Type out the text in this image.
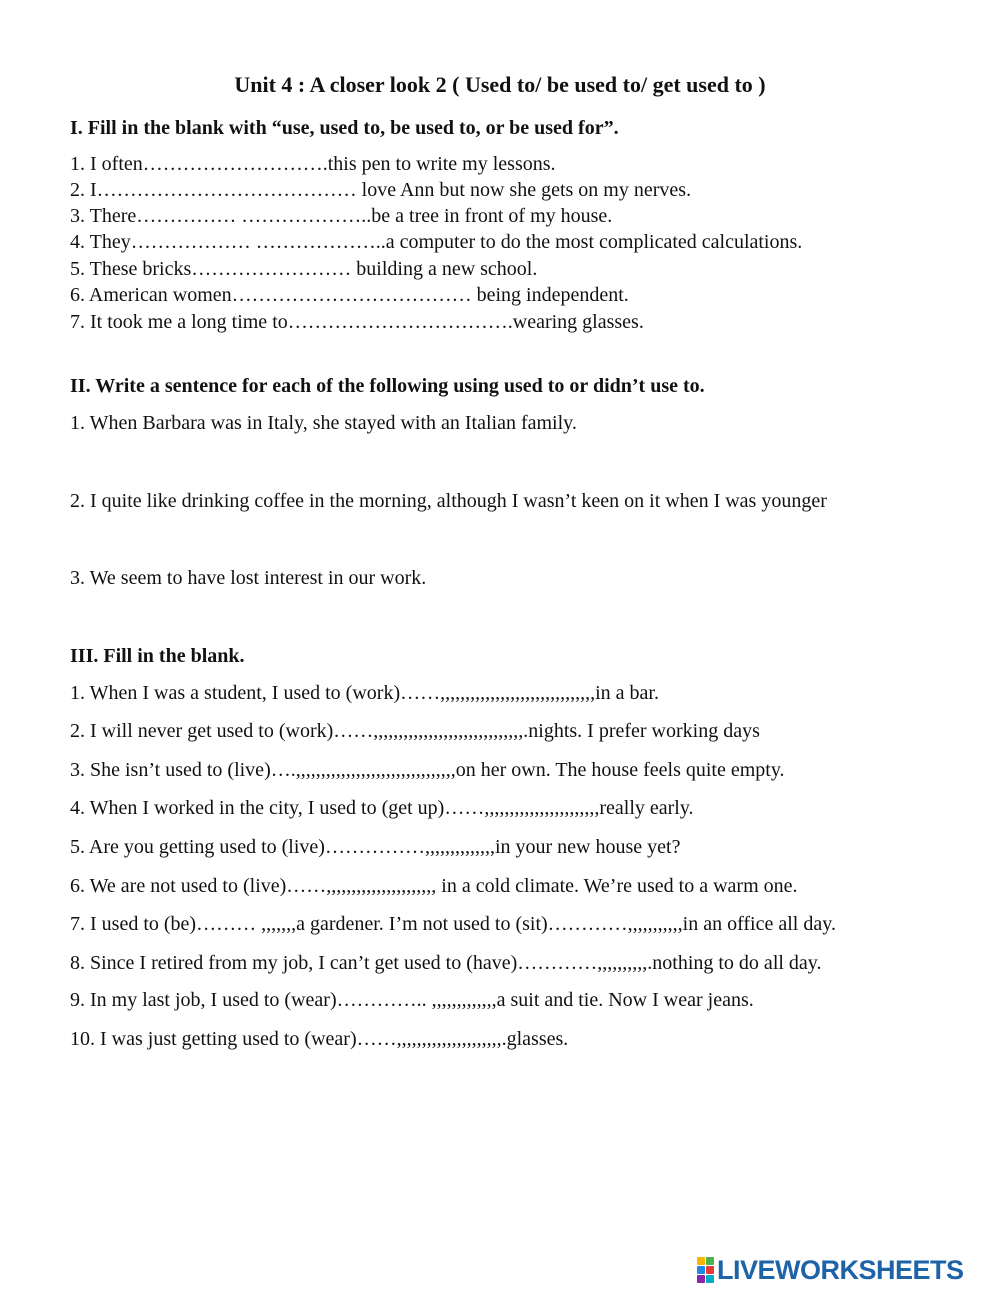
Unit 4 : A closer look 2 ( Used to/ be used to/ get used to )
I. Fill in the blank with “use, used to, be used to, or be used for”.
1. I often……………………….this pen to write my lessons.
2. I………………………………… love Ann but now she gets on my nerves.
3. There…………… ………………..be a tree in front of my house.
4. They……………… ………………..a computer to do the most complicated calculations.
5. These bricks…………………… building a new school.
6. American women……………………………… being independent.
7. It took me a long time to…………………………….wearing glasses.
II. Write a sentence for each of the following using used to or didn’t use to.
1. When Barbara was in Italy, she stayed with an Italian family.
2. I quite like drinking coffee in the morning, although I wasn’t keen on it when I was younger
3. We seem to have lost interest in our work.
III. Fill in the blank.
1. When I was a student, I used to (work)……,,,,,,,,,,,,,,,,,,,,,,,,,,,,,,,in a bar.
2. I will never get used to (work)……,,,,,,,,,,,,,,,,,,,,,,,,,,,,,,.nights. I prefer working days
3. She isn’t used to (live)….,,,,,,,,,,,,,,,,,,,,,,,,,,,,,,,,on her own. The house feels quite empty.
4. When I worked in the city, I used to (get up)……,,,,,,,,,,,,,,,,,,,,,,,really early.
5. Are you getting used to (live)……………,,,,,,,,,,,,,,in your new house yet?
6. We are not used to (live)……,,,,,,,,,,,,,,,,,,,,,, in a cold climate. We’re used to a warm one.
7. I used to (be)……… ,,,,,,,a gardener. I’m not used to (sit)…………,,,,,,,,,,,in an office all day.
8. Since I retired from my job, I can’t get used to (have)…………,,,,,,,,,,.nothing to do all day.
9. In my last job, I used to (wear)………….. ,,,,,,,,,,,,,a suit and tie. Now I wear jeans.
10. I was just getting used to (wear)……,,,,,,,,,,,,,,,,,,,,,.glasses.
LIVEWORKSHEETS
